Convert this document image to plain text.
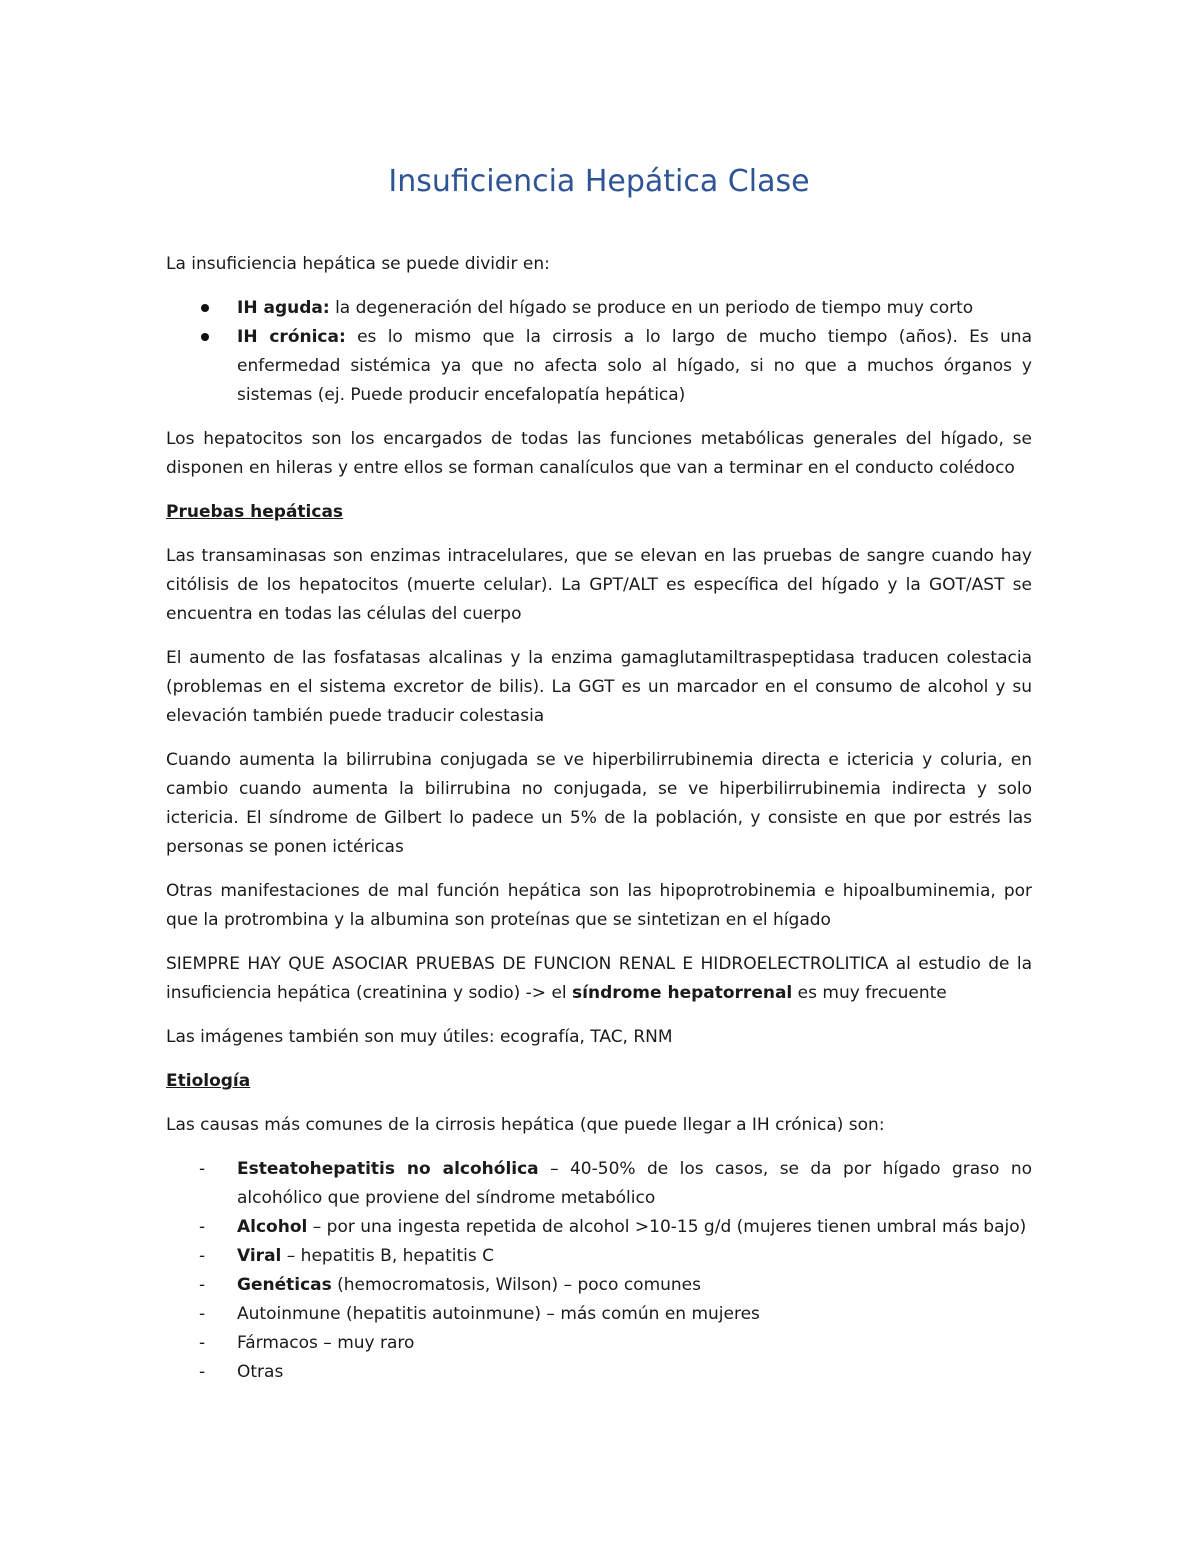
Insuficiencia Hepática Clase

La insuficiencia hepática se puede dividir en:

IH aguda: la degeneración del hígado se produce en un periodo de tiempo muy corto
IH crónica: es lo mismo que la cirrosis a lo largo de mucho tiempo (años). Es una enfermedad sistémica ya que no afecta solo al hígado, si no que a muchos órganos y sistemas (ej. Puede producir encefalopatía hepática)

Los hepatocitos son los encargados de todas las funciones metabólicas generales del hígado, se disponen en hileras y entre ellos se forman canalículos que van a terminar en el conducto colédoco

Pruebas hepáticas

Las transaminasas son enzimas intracelulares, que se elevan en las pruebas de sangre cuando hay citólisis de los hepatocitos (muerte celular). La GPT/ALT es específica del hígado y la GOT/AST se encuentra en todas las células del cuerpo

El aumento de las fosfatasas alcalinas y la enzima gamaglutamiltraspeptidasa traducen colestacia (problemas en el sistema excretor de bilis). La GGT es un marcador en el consumo de alcohol y su elevación también puede traducir colestasia

Cuando aumenta la bilirrubina conjugada se ve hiperbilirrubinemia directa e ictericia y coluria, en cambio cuando aumenta la bilirrubina no conjugada, se ve hiperbilirrubinemia indirecta y solo ictericia. El síndrome de Gilbert lo padece un 5% de la población, y consiste en que por estrés las personas se ponen ictéricas

Otras manifestaciones de mal función hepática son las hipoprotrobinemia e hipoalbuminemia, por que la protrombina y la albumina son proteínas que se sintetizan en el hígado

SIEMPRE HAY QUE ASOCIAR PRUEBAS DE FUNCION RENAL E HIDROELECTROLITICA al estudio de la insuficiencia hepática (creatinina y sodio) -> el síndrome hepatorrenal es muy frecuente

Las imágenes también son muy útiles: ecografía, TAC, RNM

Etiología

Las causas más comunes de la cirrosis hepática (que puede llegar a IH crónica) son:

- Esteatohepatitis no alcohólica – 40-50% de los casos, se da por hígado graso no alcohólico que proviene del síndrome metabólico
- Alcohol – por una ingesta repetida de alcohol >10-15 g/d (mujeres tienen umbral más bajo)
- Viral – hepatitis B, hepatitis C
- Genéticas (hemocromatosis, Wilson) – poco comunes
- Autoinmune (hepatitis autoinmune) – más común en mujeres
- Fármacos – muy raro
- Otras
